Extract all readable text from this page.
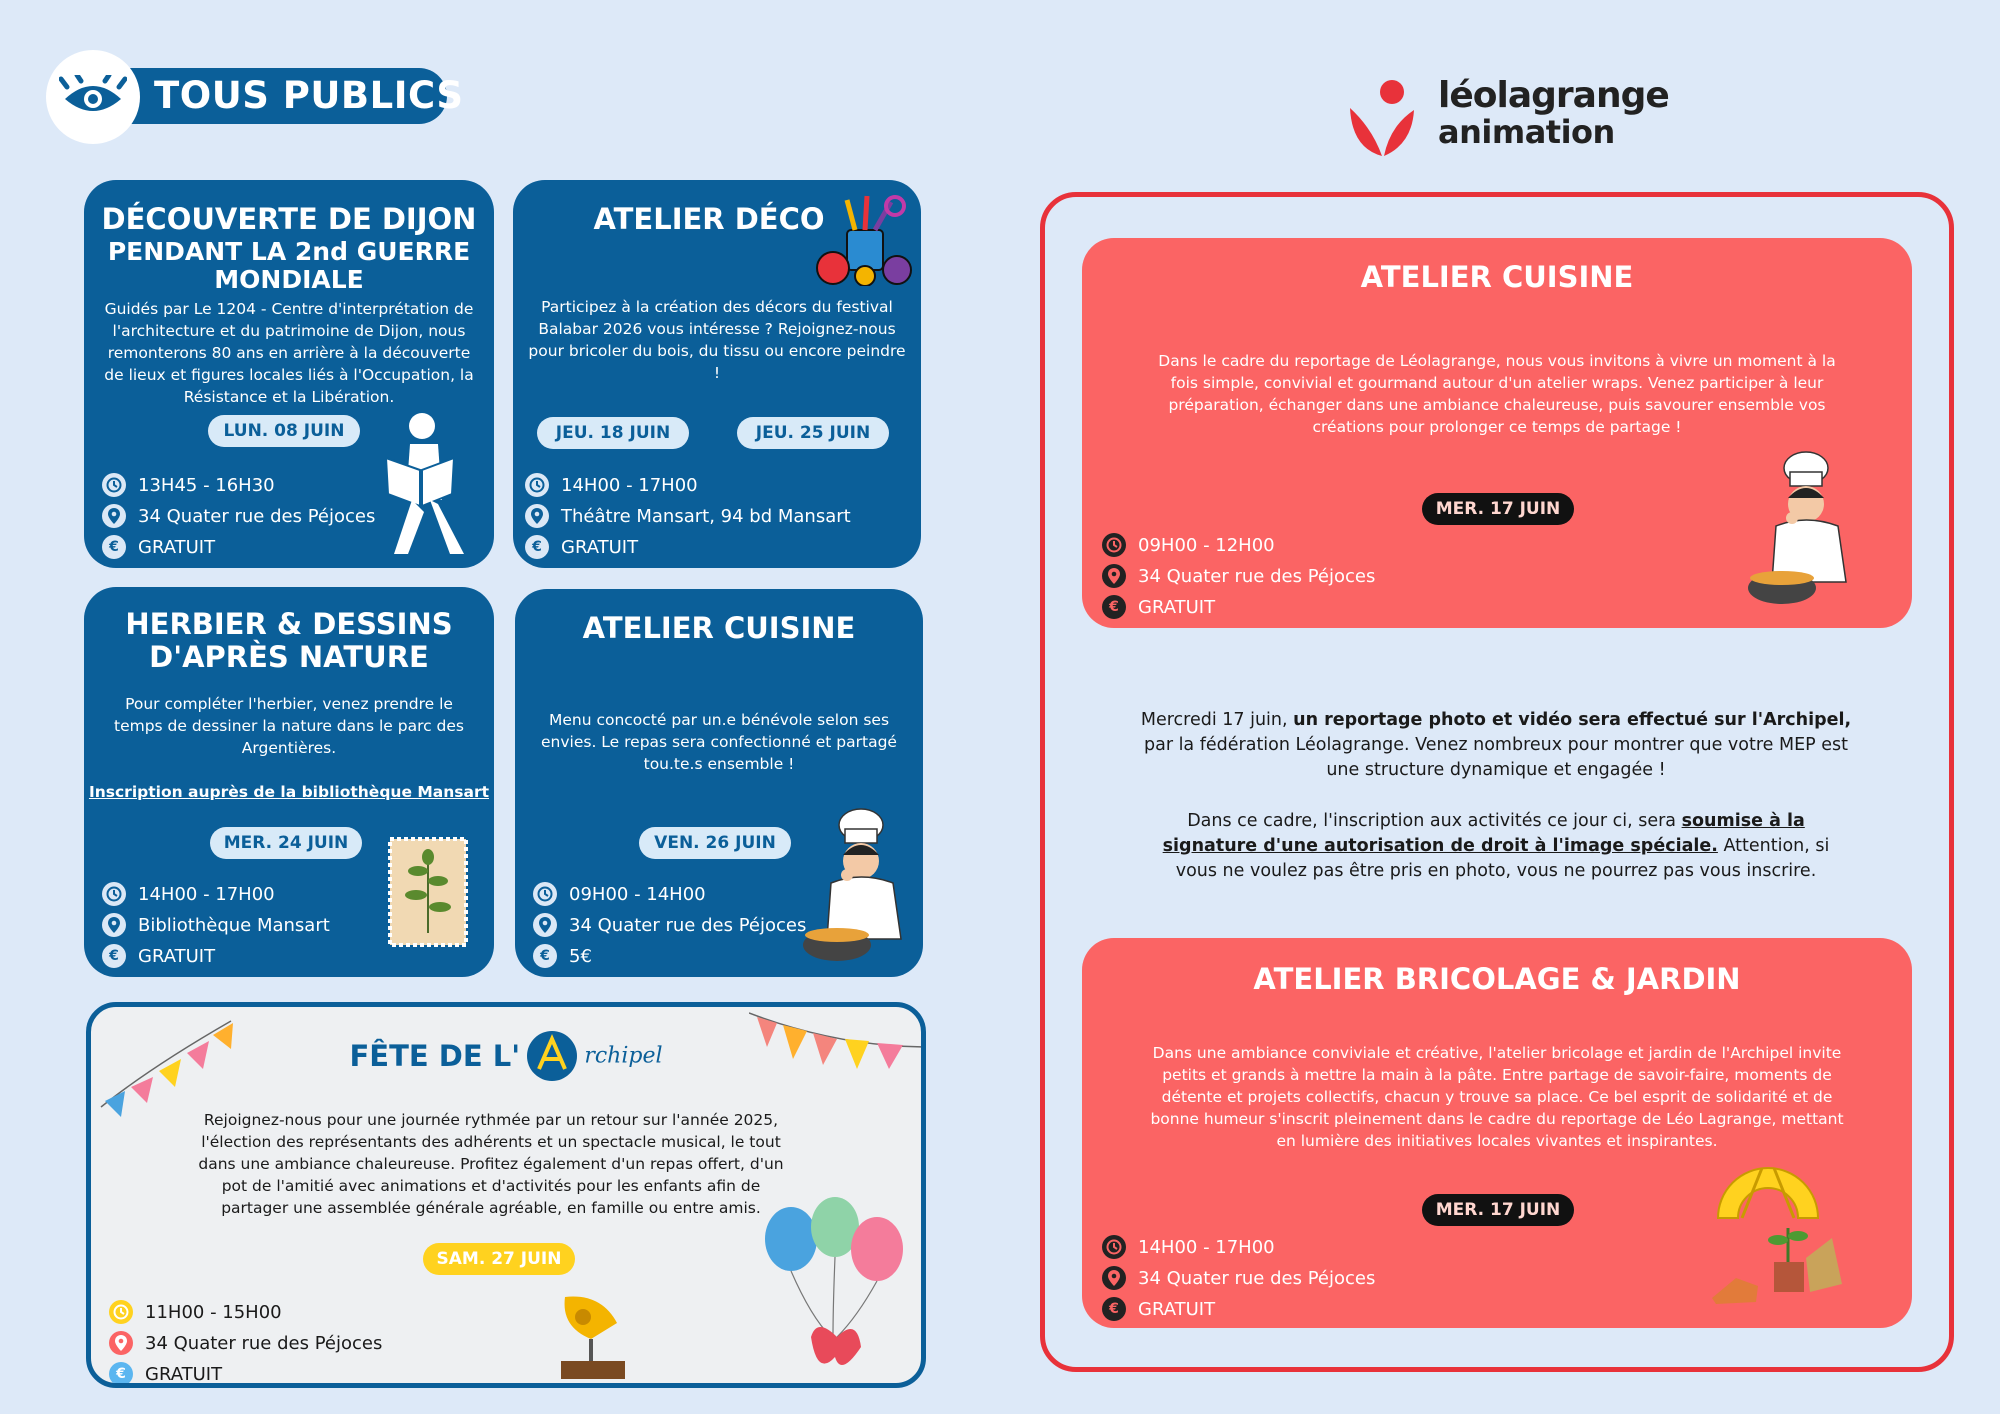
TOUS PUBLICS	léolagrange
animation
DÉCOUVERTE DE DIJON
PENDANT LA 2nd GUERRE
MONDIALE
Guidés par Le 1204 - Centre d'interprétation de l'architecture et du patrimoine de Dijon, nous remonterons 80 ans en arrière à la découverte de lieux et figures locales liés à l'Occupation, la Résistance et la Libération.
LUN. 08 JUIN
13H45 - 16H30
34 Quater rue des Péjoces
€	GRATUIT
ATELIER DÉCO
Participez à la création des décors du festival Balabar 2026 vous intéresse ? Rejoignez-nous pour bricoler du bois, du tissu ou encore peindre !
JEU. 18 JUIN	JEU. 25 JUIN
14H00 - 17H00
Théâtre Mansart, 94 bd Mansart
€	GRATUIT
HERBIER & DESSINS
D'APRÈS NATURE
Pour compléter l'herbier, venez prendre le temps de dessiner la nature dans le parc des Argentières.
Inscription auprès de la bibliothèque Mansart
MER. 24 JUIN
14H00 - 17H00
Bibliothèque Mansart
€	GRATUIT
ATELIER CUISINE
Menu concocté par un.e bénévole selon ses envies. Le repas sera confectionné et partagé tou.te.s ensemble !
VEN. 26 JUIN
09H00 - 14H00
34 Quater rue des Péjoces
€	5€
FÊTE DE L'	rchipel
Rejoignez-nous pour une journée rythmée par un retour sur l'année 2025, l'élection des représentants des adhérents et un spectacle musical, le tout dans une ambiance chaleureuse. Profitez également d'un repas offert, d'un pot de l'amitié avec animations et d'activités pour les enfants afin de partager une assemblée générale agréable, en famille ou entre amis.
SAM. 27 JUIN
11H00 - 15H00
34 Quater rue des Péjoces
€	GRATUIT
ATELIER CUISINE
Dans le cadre du reportage de Léolagrange, nous vous invitons à vivre un moment à la fois simple, convivial et gourmand autour d'un atelier wraps. Venez participer à leur préparation, échanger dans une ambiance chaleureuse, puis savourer ensemble vos créations pour prolonger ce temps de partage !
MER. 17 JUIN
09H00 - 12H00
34 Quater rue des Péjoces
€	GRATUIT
Mercredi 17 juin, un reportage photo et vidéo sera effectué sur l'Archipel, par la fédération Léolagrange. Venez nombreux pour montrer que votre MEP est une structure dynamique et engagée !
Dans ce cadre, l'inscription aux activités ce jour ci, sera soumise à la signature d'une autorisation de droit à l'image spéciale. Attention, si vous ne voulez pas être pris en photo, vous ne pourrez pas vous inscrire.
ATELIER BRICOLAGE & JARDIN
Dans une ambiance conviviale et créative, l'atelier bricolage et jardin de l'Archipel invite petits et grands à mettre la main à la pâte. Entre partage de savoir-faire, moments de détente et projets collectifs, chacun y trouve sa place. Ce bel esprit de solidarité et de bonne humeur s'inscrit pleinement dans le cadre du reportage de Léo Lagrange, mettant en lumière des initiatives locales vivantes et inspirantes.
MER. 17 JUIN
14H00 - 17H00
34 Quater rue des Péjoces
€	GRATUIT
